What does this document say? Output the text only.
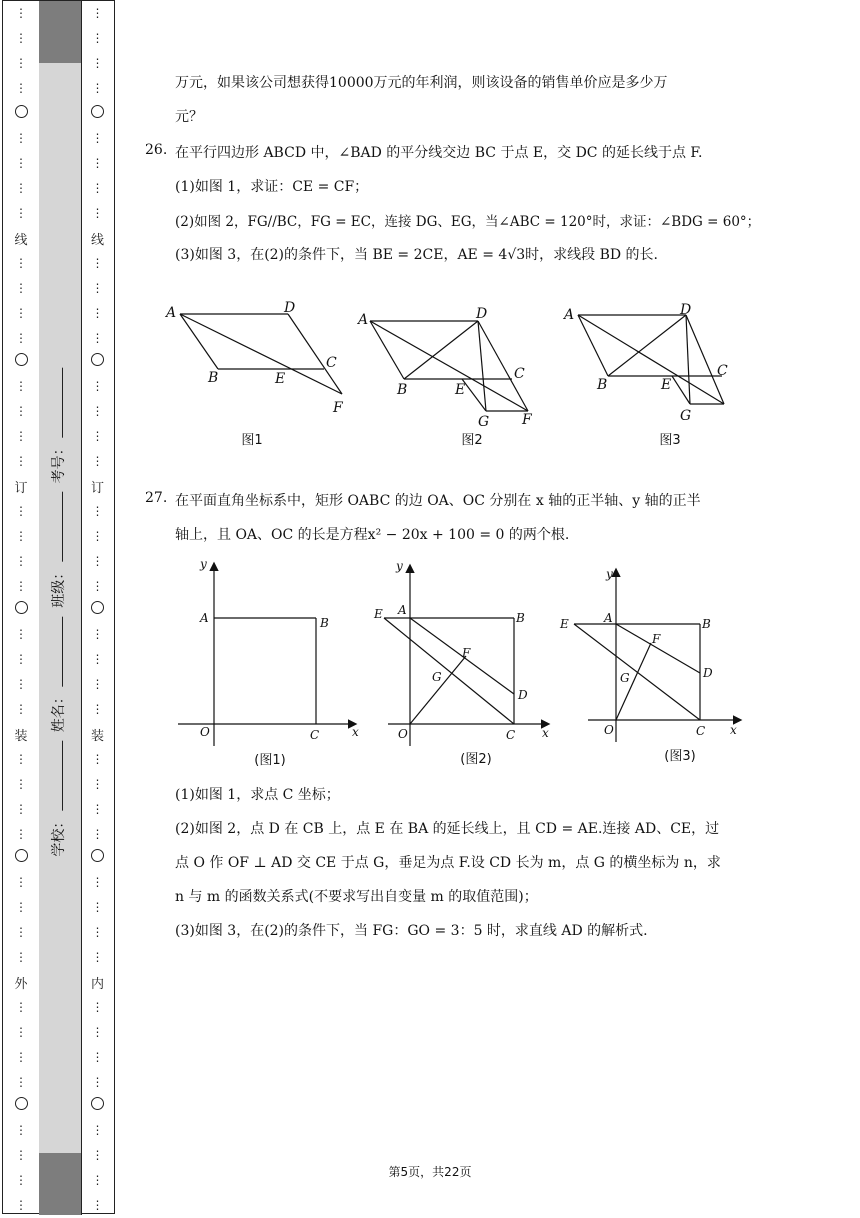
⋮
⋮
⋮
⋮
⋮
⋮
⋮
⋮
线
⋮
⋮
⋮
⋮
⋮
⋮
⋮
⋮
订
⋮
⋮
⋮
⋮
⋮
⋮
⋮
⋮
装
⋮
⋮
⋮
⋮
⋮
⋮
⋮
⋮
外
⋮
⋮
⋮
⋮
⋮
⋮
⋮
⋮
⋮
⋮
⋮
⋮
⋮
⋮
⋮
⋮
线
⋮
⋮
⋮
⋮
⋮
⋮
⋮
⋮
订
⋮
⋮
⋮
⋮
⋮
⋮
⋮
⋮
装
⋮
⋮
⋮
⋮
⋮
⋮
⋮
⋮
内
⋮
⋮
⋮
⋮
⋮
⋮
⋮
⋮
学校： 姓名： 班级： 考号：
万元，如果该公司想获得10000万元的年利润，则该设备的销售单价应是多少万
元？
26. 在平行四边形 ABCD 中，∠BAD 的平分线交边 BC 于点 E，交 DC 的延长线于点 F.
(1)如图 1，求证：CE = CF；
(2)如图 2，FG//BC，FG = EC，连接 DG、EG，当∠ABC = 120°时，求证：∠BDG = 60°；
(3)如图 3，在(2)的条件下，当 BE = 2CE，AE = 4√3时，求线段 BD 的长.
A	D
B	E
C
F
A	D
B	E
C
F
G
A	D
B	E
C
G
图1	图2	图3
27. 在平面直角坐标系中，矩形 OABC 的边 OA、OC 分别在 x 轴的正半轴、y 轴的正半
轴上，且 OA、OC 的长是方程x² − 20x + 100 = 0 的两个根.
y
A	B
O	C	x
y
E A
B
F
G
D
O	C x
y
E	A	B
F
G	D
O	C x
(图1)	(图2)	(图3)
(1)如图 1，求点 C 坐标；
(2)如图 2，点 D 在 CB 上，点 E 在 BA 的延长线上，且 CD = AE.连接 AD、CE，过
点 O 作 OF ⊥ AD 交 CE 于点 G，垂足为点 F.设 CD 长为 m，点 G 的横坐标为 n，求
n 与 m 的函数关系式(不要求写出自变量 m 的取值范围)；
(3)如图 3，在(2)的条件下，当 FG：GO = 3：5 时，求直线 AD 的解析式.
第5页，共22页
